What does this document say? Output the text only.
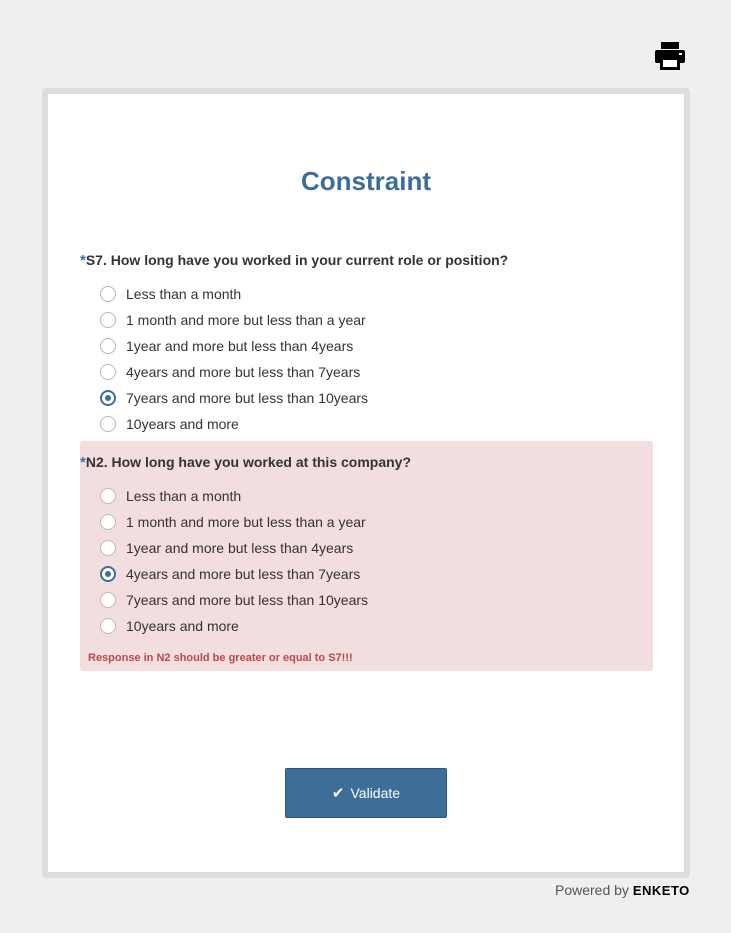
Constraint
*S7. How long have you worked in your current role or position?
Less than a month
1 month and more but less than a year
1year and more but less than 4years
4years and more but less than 7years
7years and more but less than 10years
10years and more
*N2. How long have you worked at this company?
Less than a month
1 month and more but less than a year
1year and more but less than 4years
4years and more but less than 7years
7years and more but less than 10years
10years and more
Response in N2 should be greater or equal to S7!!!
✔ Validate
Powered by ENKETO
